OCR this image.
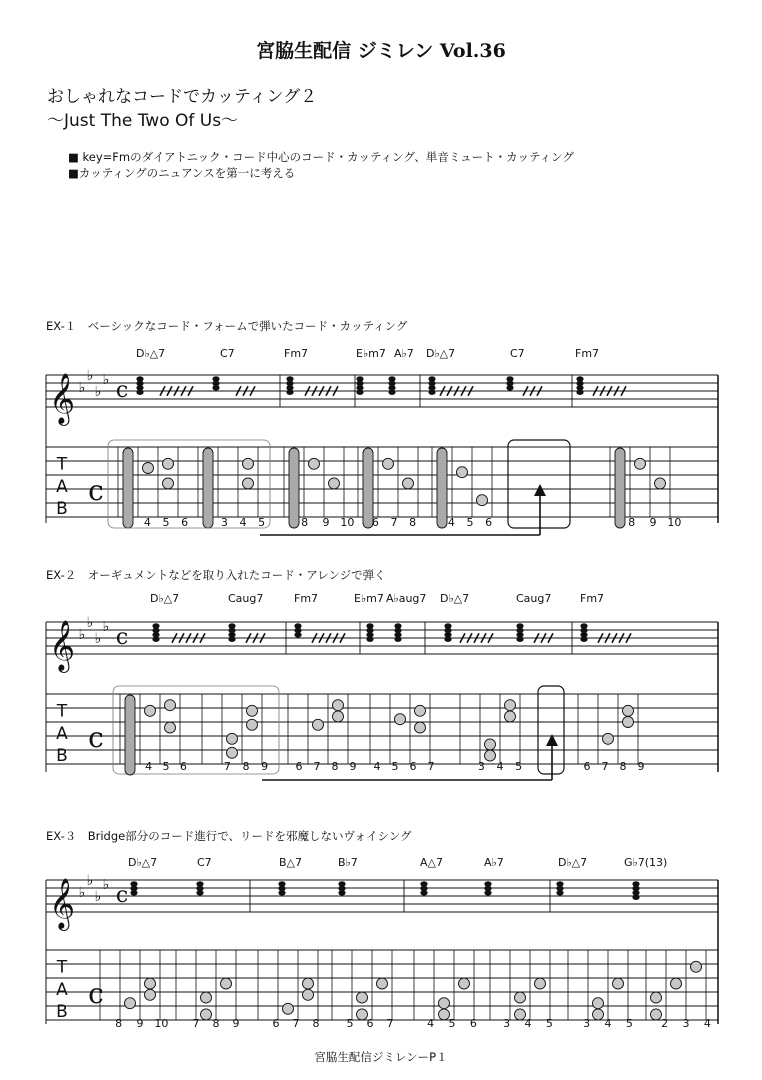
宮脇生配信 ジミレン Vol.36
おしゃれなコードでカッティング２
〜Just The Two Of Us〜
■ key=Fmのダイアトニック・コード中心のコード・カッティング、単音ミュート・カッティング
■カッティングのニュアンスを第一に考える
EX-１　ベーシックなコード・フォームで弾いたコード・カッティング
EX-２　オーギュメントなどを取り入れたコード・アレンジで弾く
EX-３　Bridge部分のコード進行で、リードを邪魔しないヴォイシング
D♭△7	C7	Fm7	E♭m7 A♭7 D♭△7	C7	Fm7
D♭△7	Caug7	Fm7	E♭m7 A♭aug7 D♭△7	Caug7	Fm7
D♭△7	C7	B△7	B♭7	A△7	A♭7	D♭△7	G♭7(13)
𝄞 ♭
♭
♭
♭ c
T
A
B
c
4 5 6	3 4 5	8 9 10 6 7 8	4 5 6	8 9 10
𝄞 ♭
♭
♭
♭ c
T
A
B
c
4 5 6	7 8 9 6 7 8 9 4 5 6 7	3 4 5	6 7 8 9
𝄞 ♭
♭
♭
♭ c
T
A
B
c
8 9 10 7 8 9	6 7 8 5 6 7	4 5 6 3 4 5	3 4 5	2 3 4
宮脇生配信ジミレンーP１
